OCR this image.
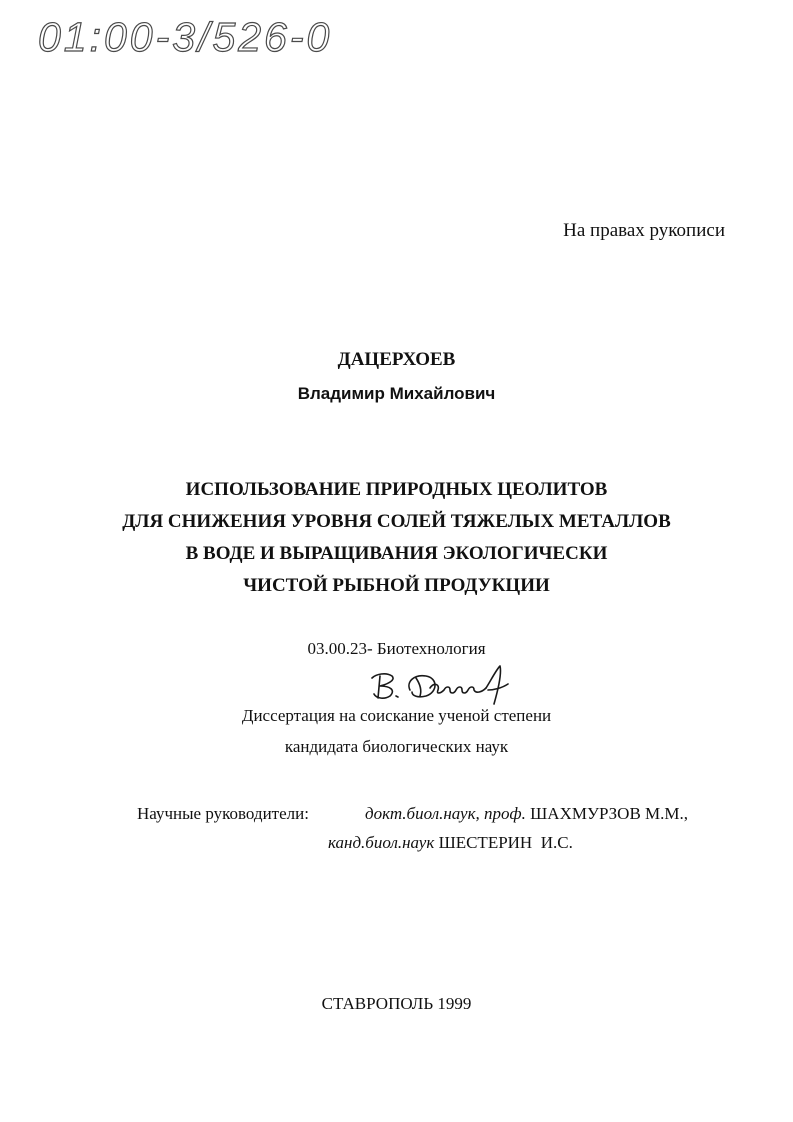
01:00-3/526-0
На правах рукописи
ДАЦЕРХОЕВ
Владимир Михайлович
ИСПОЛЬЗОВАНИЕ ПРИРОДНЫХ ЦЕОЛИТОВ
ДЛЯ СНИЖЕНИЯ УРОВНЯ СОЛЕЙ ТЯЖЕЛЫХ МЕТАЛЛОВ
В ВОДЕ И ВЫРАЩИВАНИЯ ЭКОЛОГИЧЕСКИ
ЧИСТОЙ РЫБНОЙ ПРОДУКЦИИ
03.00.23- Биотехнология
Диссертация на соискание ученой степени
кандидата биологических наук
Научные руководители:	докт.биол.наук, проф. ШАХМУРЗОВ М.М.,
канд.биол.наук ШЕСТЕРИН  И.С.
СТАВРОПОЛЬ 1999
